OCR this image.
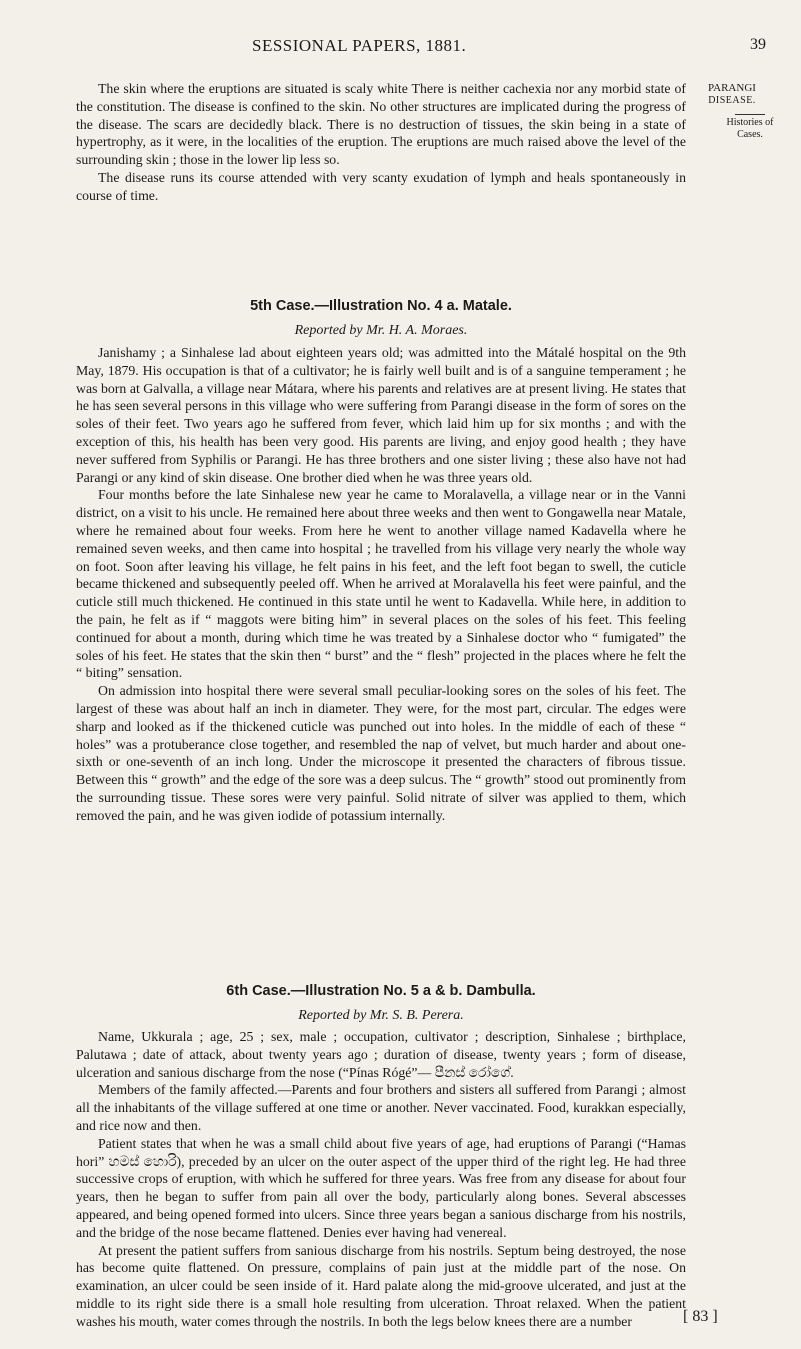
SESSIONAL PAPERS, 1881.	39
PARANGI
DISEASE.
Histories of
Cases.

The skin where the eruptions are situated is scaly white There is neither cachexia nor any morbid state of the constitution. The disease is confined to the skin. No other structures are implicated during the progress of the disease. The scars are decidedly black. There is no destruction of tissues, the skin being in a state of hypertrophy, as it were, in the localities of the eruption. The eruptions are much raised above the level of the surrounding skin ; those in the lower lip less so.

The disease runs its course attended with very scanty exudation of lymph and heals spontaneously in course of time.

5th Case.—Illustration No. 4 a. Matale.
Reported by Mr. H. A. Moraes.

Janishamy ; a Sinhalese lad about eighteen years old; was admitted into the Mátalé hospital on the 9th May, 1879. His occupation is that of a cultivator; he is fairly well built and is of a sanguine temperament ; he was born at Galvalla, a village near Mátara, where his parents and relatives are at present living. He states that he has seen several persons in this village who were suffering from Parangi disease in the form of sores on the soles of their feet. Two years ago he suffered from fever, which laid him up for six months ; and with the exception of this, his health has been very good. His parents are living, and enjoy good health ; they have never suffered from Syphilis or Parangi. He has three brothers and one sister living ; these also have not had Parangi or any kind of skin disease. One brother died when he was three years old.

Four months before the late Sinhalese new year he came to Moralavella, a village near or in the Vanni district, on a visit to his uncle. He remained here about three weeks and then went to Gongawella near Matale, where he remained about four weeks. From here he went to another village named Kadavella where he remained seven weeks, and then came into hospital ; he travelled from his village very nearly the whole way on foot. Soon after leaving his village, he felt pains in his feet, and the left foot began to swell, the cuticle became thickened and subsequently peeled off. When he arrived at Moralavella his feet were painful, and the cuticle still much thickened. He continued in this state until he went to Kadavella. While here, in addition to the pain, he felt as if “ maggots were biting him” in several places on the soles of his feet. This feeling continued for about a month, during which time he was treated by a Sinhalese doctor who “ fumigated” the soles of his feet. He states that the skin then “ burst” and the “ flesh” projected in the places where he felt the “ biting” sensation.

On admission into hospital there were several small peculiar-looking sores on the soles of his feet. The largest of these was about half an inch in diameter. They were, for the most part, circular. The edges were sharp and looked as if the thickened cuticle was punched out into holes. In the middle of each of these “ holes” was a protuberance close together, and resembled the nap of velvet, but much harder and about one-sixth or one-seventh of an inch long. Under the microscope it presented the characters of fibrous tissue. Between this “ growth” and the edge of the sore was a deep sulcus. The “ growth” stood out prominently from the surrounding tissue. These sores were very painful. Solid nitrate of silver was applied to them, which removed the pain, and he was given iodide of potassium internally.

6th Case.—Illustration No. 5 a & b. Dambulla.
Reported by Mr. S. B. Perera.

Name, Ukkurala ; age, 25 ; sex, male ; occupation, cultivator ; description, Sinhalese ; birthplace, Palutawa ; date of attack, about twenty years ago ; duration of disease, twenty years ; form of disease, ulceration and sanious discharge from the nose (“Pínas Rógé”— පීනස් රෝගේ.

Members of the family affected.—Parents and four brothers and sisters all suffered from Parangi ; almost all the inhabitants of the village suffered at one time or another. Never vaccinated. Food, kurakkan especially, and rice now and then.

Patient states that when he was a small child about five years of age, had eruptions of Parangi (“Hamas hori” හමස් හොරි), preceded by an ulcer on the outer aspect of the upper third of the right leg. He had three successive crops of eruption, with which he suffered for three years. Was free from any disease for about four years, then he began to suffer from pain all over the body, particularly along bones. Several abscesses appeared, and being opened formed into ulcers. Since three years began a sanious discharge from his nostrils, and the bridge of the nose became flattened. Denies ever having had venereal.

At present the patient suffers from sanious discharge from his nostrils. Septum being destroyed, the nose has become quite flattened. On pressure, complains of pain just at the middle part of the nose. On examination, an ulcer could be seen inside of it. Hard palate along the mid-groove ulcerated, and just at the middle to its right side there is a small hole resulting from ulceration. Throat relaxed. When the patient washes his mouth, water comes through the nostrils. In both the legs below knees there are a number	[ 83 ]
